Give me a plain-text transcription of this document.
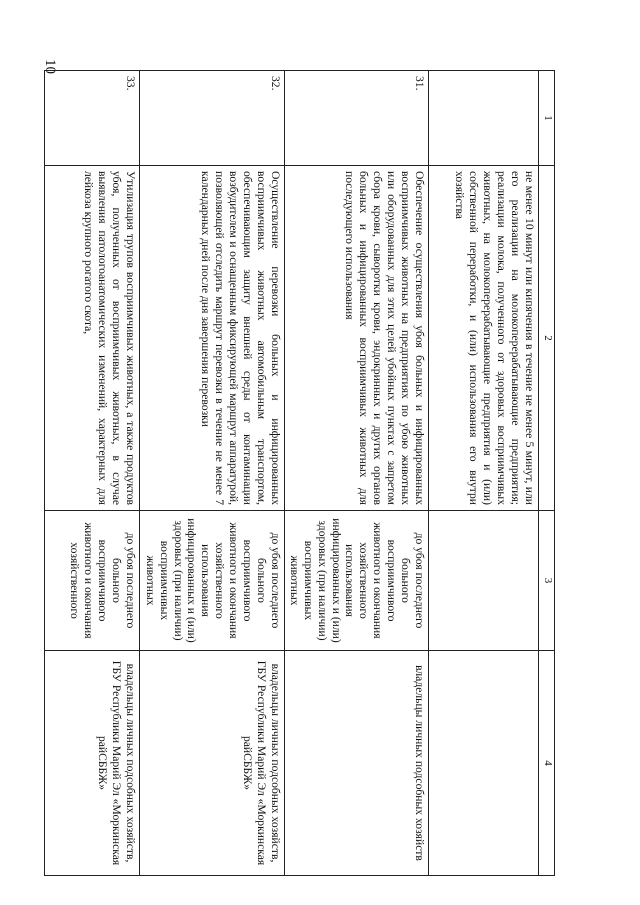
10
1	2	3	4
	не менее 10 минут или кипячения в течение не менее 5 минут, или его реализации на молокоперерабатывающие предприятия; реализации молока, полученного от здоровых восприимчивых животных, на молокоперерабатывающие предприятия и (или) собственной переработки, и (или) использования его внутри хозяйства		
31.	Обеспечение осуществления убоя больных и инфицированных восприимчивых животных на предприятиях по убою животных или оборудованных для этих целей убойных пунктах с запретом сбора крови, сыворотки крови, эндокринных и других органов больных и инфицированных восприимчивых животных для последующего использования	до убоя последнего больного восприимчивого животного и окончания хозяйственного использования инфицированных и (или) здоровых (при наличии) восприимчивых животных	владельцы личных подсобных хозяйств
32.	Осуществление перевозки больных и инфицированных восприимчивых животных автомобильным транспортом, обеспечивающим защиту внешней среды от контаминации возбудителем и оснащенным фиксирующей маршрут аппаратурой, позволяющей отследить маршрут перевозки в течение не менее 7 календарных дней после дня завершения перевозки	до убоя последнего больного восприимчивого животного и окончания хозяйственного использования инфицированных и (или) здоровых (при наличии) восприимчивых животных	владельцы личных подсобных хозяйств, ГБУ Республики Марий Эл «Моркинская райСББЖ»
33.	Утилизация трупов восприимчивых животных, а также продуктов убоя, полученных от восприимчивых животных, в случае выявления патологоанатомических изменений, характерных для лейкоза крупного рогатого скота,	до убоя последнего больного восприимчивого животного и окончания хозяйственного	владельцы личных подсобных хозяйств, ГБУ Республики Марий Эл «Моркинская райСББЖ»
